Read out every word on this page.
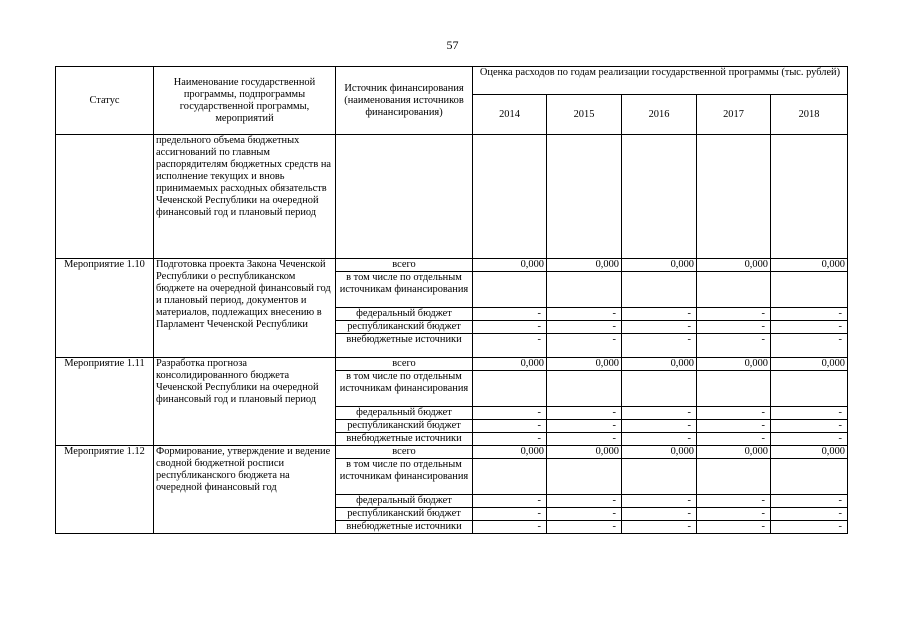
57
Статус	Наименование государственной программы, подпрограммы государственной программы, мероприятий	Источник финансирования (наименования источников финансирования)	Оценка расходов по годам реализации государственной программы (тыс. рублей)				
			2014	2015	2016	2017	2018
	предельного объема бюджетных ассигнований по главным распорядителям бюджетных средств на исполнение текущих и вновь принимаемых расходных обязательств Чеченской Республики на очередной финансовый год и плановый период						
Мероприятие 1.10	Подготовка проекта Закона Чеченской Республики о республиканском бюджете на очередной финансовый год и плановый период, документов и материалов, подлежащих внесению в Парламент Чеченской Республики	всего	0,000	0,000	0,000	0,000	0,000
		в том числе по отдельным источникам финансирования					
		федеральный бюджет	-	-	-	-	-
		республиканский бюджет	-	-	-	-	-
		внебюджетные источники	-	-	-	-	-
Мероприятие 1.11	Разработка прогноза консолидированного бюджета Чеченской Республики на очередной финансовый год и плановый период	всего	0,000	0,000	0,000	0,000	0,000
		в том числе по отдельным источникам финансирования					
		федеральный бюджет	-	-	-	-	-
		республиканский бюджет	-	-	-	-	-
		внебюджетные источники	-	-	-	-	-
Мероприятие 1.12	Формирование, утверждение и ведение сводной бюджетной росписи республиканского бюджета на очередной финансовый год	всего	0,000	0,000	0,000	0,000	0,000
		в том числе по отдельным источникам финансирования					
		федеральный бюджет	-	-	-	-	-
		республиканский бюджет	-	-	-	-	-
		внебюджетные источники	-	-	-	-	-
